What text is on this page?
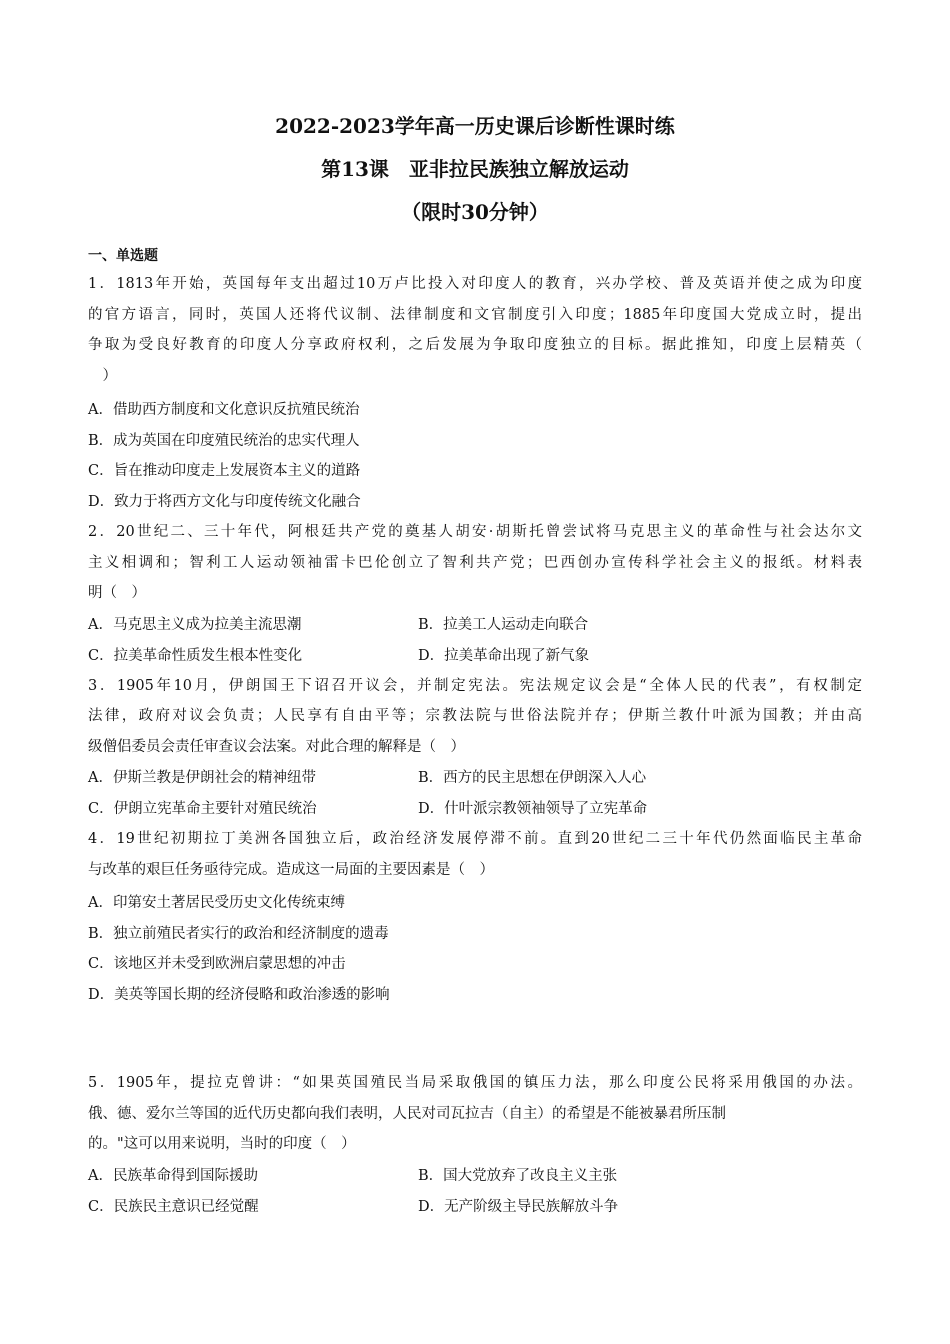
2022-2023学年高一历史课后诊断性课时练
第13课　亚非拉民族独立解放运动
（限时30分钟）
一、单选题
1．1813年开始，英国每年支出超过10万卢比投入对印度人的教育，兴办学校、普及英语并使之成为印度
的官方语言，同时，英国人还将代议制、法律制度和文官制度引入印度；1885年印度国大党成立时，提出
争取为受良好教育的印度人分享政府权利，之后发展为争取印度独立的目标。据此推知，印度上层精英（
　）
A．借助西方制度和文化意识反抗殖民统治
B．成为英国在印度殖民统治的忠实代理人
C．旨在推动印度走上发展资本主义的道路
D．致力于将西方文化与印度传统文化融合
2．20世纪二、三十年代，阿根廷共产党的奠基人胡安·胡斯托曾尝试将马克思主义的革命性与社会达尔文
主义相调和；智利工人运动领袖雷卡巴伦创立了智利共产党；巴西创办宣传科学社会主义的报纸。材料表
明（　）
A．马克思主义成为拉美主流思潮	B．拉美工人运动走向联合
C．拉美革命性质发生根本性变化	D．拉美革命出现了新气象
3．1905年10月，伊朗国王下诏召开议会，并制定宪法。宪法规定议会是“全体人民的代表”，有权制定
法律，政府对议会负责；人民享有自由平等；宗教法院与世俗法院并存；伊斯兰教什叶派为国教；并由高
级僧侣委员会责任审查议会法案。对此合理的解释是（　）
A．伊斯兰教是伊朗社会的精神纽带	B．西方的民主思想在伊朗深入人心
C．伊朗立宪革命主要针对殖民统治	D．什叶派宗教领袖领导了立宪革命
4．19世纪初期拉丁美洲各国独立后，政治经济发展停滞不前。直到20世纪二三十年代仍然面临民主革命
与改革的艰巨任务亟待完成。造成这一局面的主要因素是（　）
A．印第安土著居民受历史文化传统束缚
B．独立前殖民者实行的政治和经济制度的遗毒
C．该地区并未受到欧洲启蒙思想的冲击
D．美英等国长期的经济侵略和政治渗透的影响
5．1905年，提拉克曾讲：“如果英国殖民当局采取俄国的镇压力法，那么印度公民将采用俄国的办法。
俄、德、爱尔兰等国的近代历史都向我们表明，人民对司瓦拉吉（自主）的希望是不能被暴君所压制
的。"这可以用来说明，当时的印度（　）
A．民族革命得到国际援助	B．国大党放弃了改良主义主张
C．民族民主意识已经觉醒	D．无产阶级主导民族解放斗争
